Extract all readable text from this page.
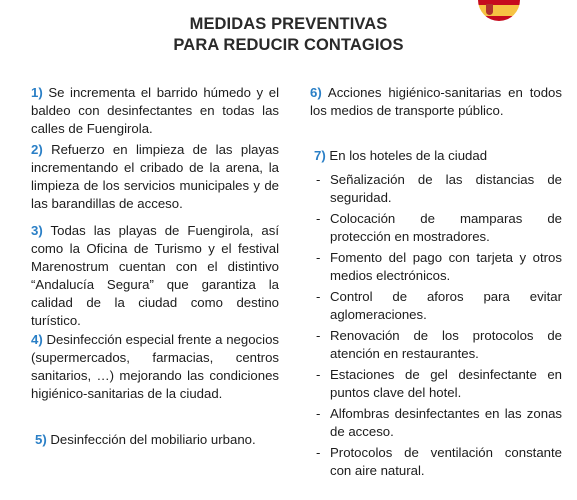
MEDIDAS PREVENTIVAS
PARA REDUCIR CONTAGIOS

1) Se incrementa el barrido húmedo y el baldeo con desinfectantes en todas las calles de Fuengirola.

2) Refuerzo en limpieza de las playas incrementando el cribado de la arena, la limpieza de los servicios municipales y de las barandillas de acceso.

3) Todas las playas de Fuengirola, así como la Oficina de Turismo y el festival Marenostrum cuentan con el distintivo “Andalucía Segura” que garantiza la calidad de la ciudad como destino turístico.

4) Desinfección especial frente a negocios (supermercados, farmacias, centros sanitarios, …) mejorando las condiciones higiénico-sanitarias de la ciudad.

5) Desinfección del mobiliario urbano.

6) Acciones higiénico-sanitarias en todos los medios de transporte público.

7) En los hoteles de la ciudad
- Señalización de las distancias de seguridad.
- Colocación de mamparas de protección en mostradores.
- Fomento del pago con tarjeta y otros medios electrónicos.
- Control de aforos para evitar aglomeraciones.
- Renovación de los protocolos de atención en restaurantes.
- Estaciones de gel desinfectante en puntos clave del hotel.
- Alfombras desinfectantes en las zonas de acceso.
- Protocolos de ventilación constante con aire natural.
